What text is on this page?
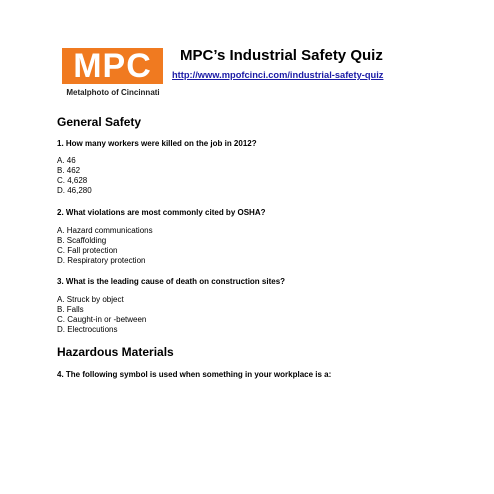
MPC
Metalphoto of Cincinnati
MPC’s Industrial Safety Quiz
http://www.mpofcinci.com/industrial-safety-quiz
General Safety
1. How many workers were killed on the job in 2012?
A. 46
B. 462
C. 4,628
D. 46,280
2. What violations are most commonly cited by OSHA?
A. Hazard communications
B. Scaffolding
C. Fall protection
D. Respiratory protection
3. What is the leading cause of death on construction sites?
A. Struck by object
B. Falls
C. Caught-in or -between
D. Electrocutions
Hazardous Materials
4. The following symbol is used when something in your workplace is a:
